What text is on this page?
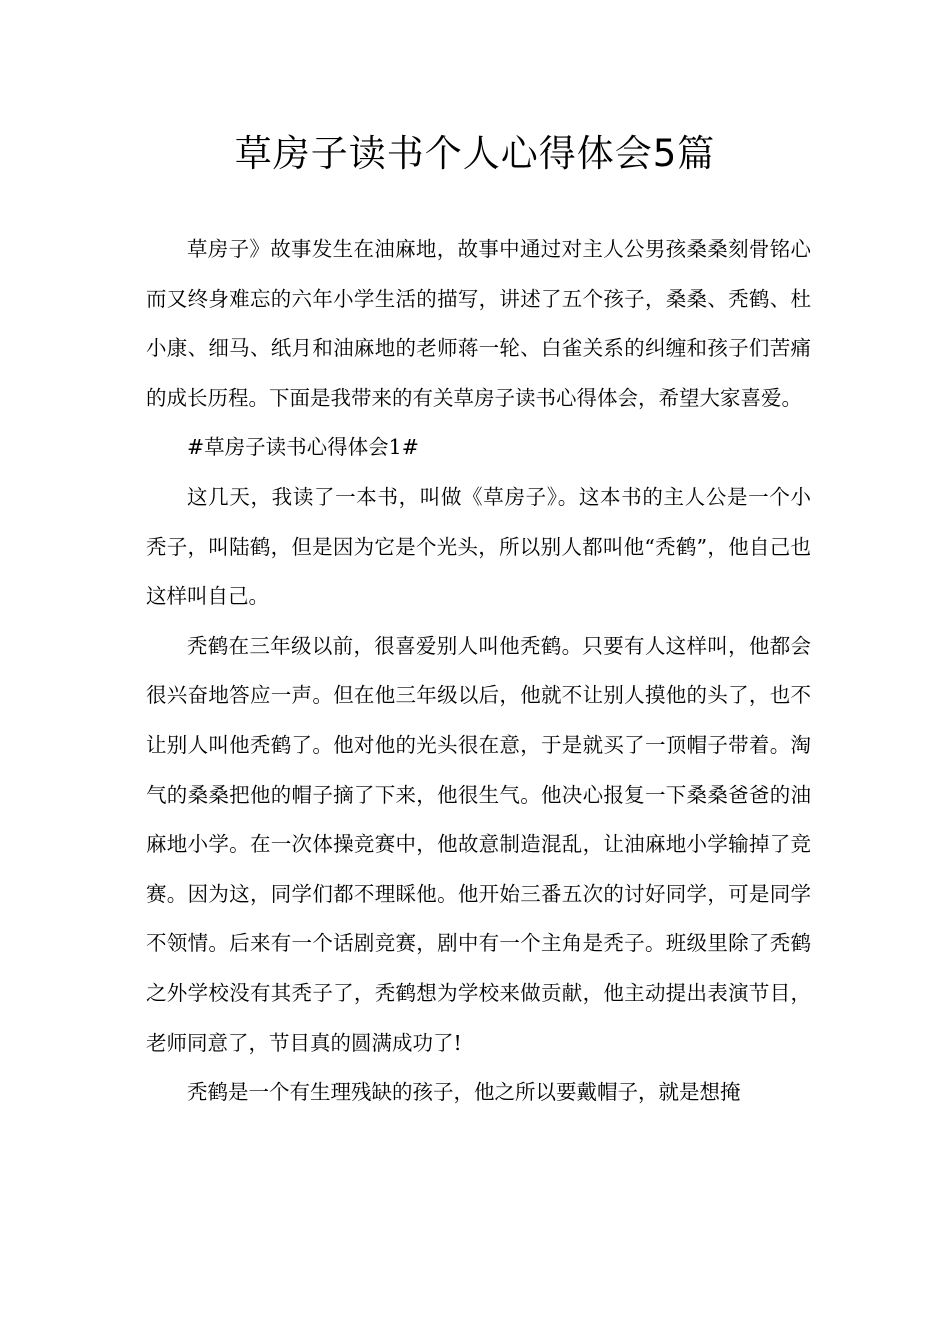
草房子读书个人心得体会5篇

草房子》故事发生在油麻地，故事中通过对主人公男孩桑桑刻骨铭心而又终身难忘的六年小学生活的描写，讲述了五个孩子，桑桑、秃鹤、杜小康、细马、纸月和油麻地的老师蒋一轮、白雀关系的纠缠和孩子们苦痛的成长历程。下面是我带来的有关草房子读书心得体会，希望大家喜爱。

#草房子读书心得体会1#

这几天，我读了一本书，叫做《草房子》。这本书的主人公是一个小秃子，叫陆鹤，但是因为它是个光头，所以别人都叫他“秃鹤”，他自己也这样叫自己。

秃鹤在三年级以前，很喜爱别人叫他秃鹤。只要有人这样叫，他都会很兴奋地答应一声。但在他三年级以后，他就不让别人摸他的头了，也不让别人叫他秃鹤了。他对他的光头很在意，于是就买了一顶帽子带着。淘气的桑桑把他的帽子摘了下来，他很生气。他决心报复一下桑桑爸爸的油麻地小学。在一次体操竞赛中，他故意制造混乱，让油麻地小学输掉了竞赛。因为这，同学们都不理睬他。他开始三番五次的讨好同学，可是同学不领情。后来有一个话剧竞赛，剧中有一个主角是秃子。班级里除了秃鹤之外学校没有其秃子了，秃鹤想为学校来做贡献，他主动提出表演节目，老师同意了，节目真的圆满成功了!

秃鹤是一个有生理残缺的孩子，他之所以要戴帽子，就是想掩
